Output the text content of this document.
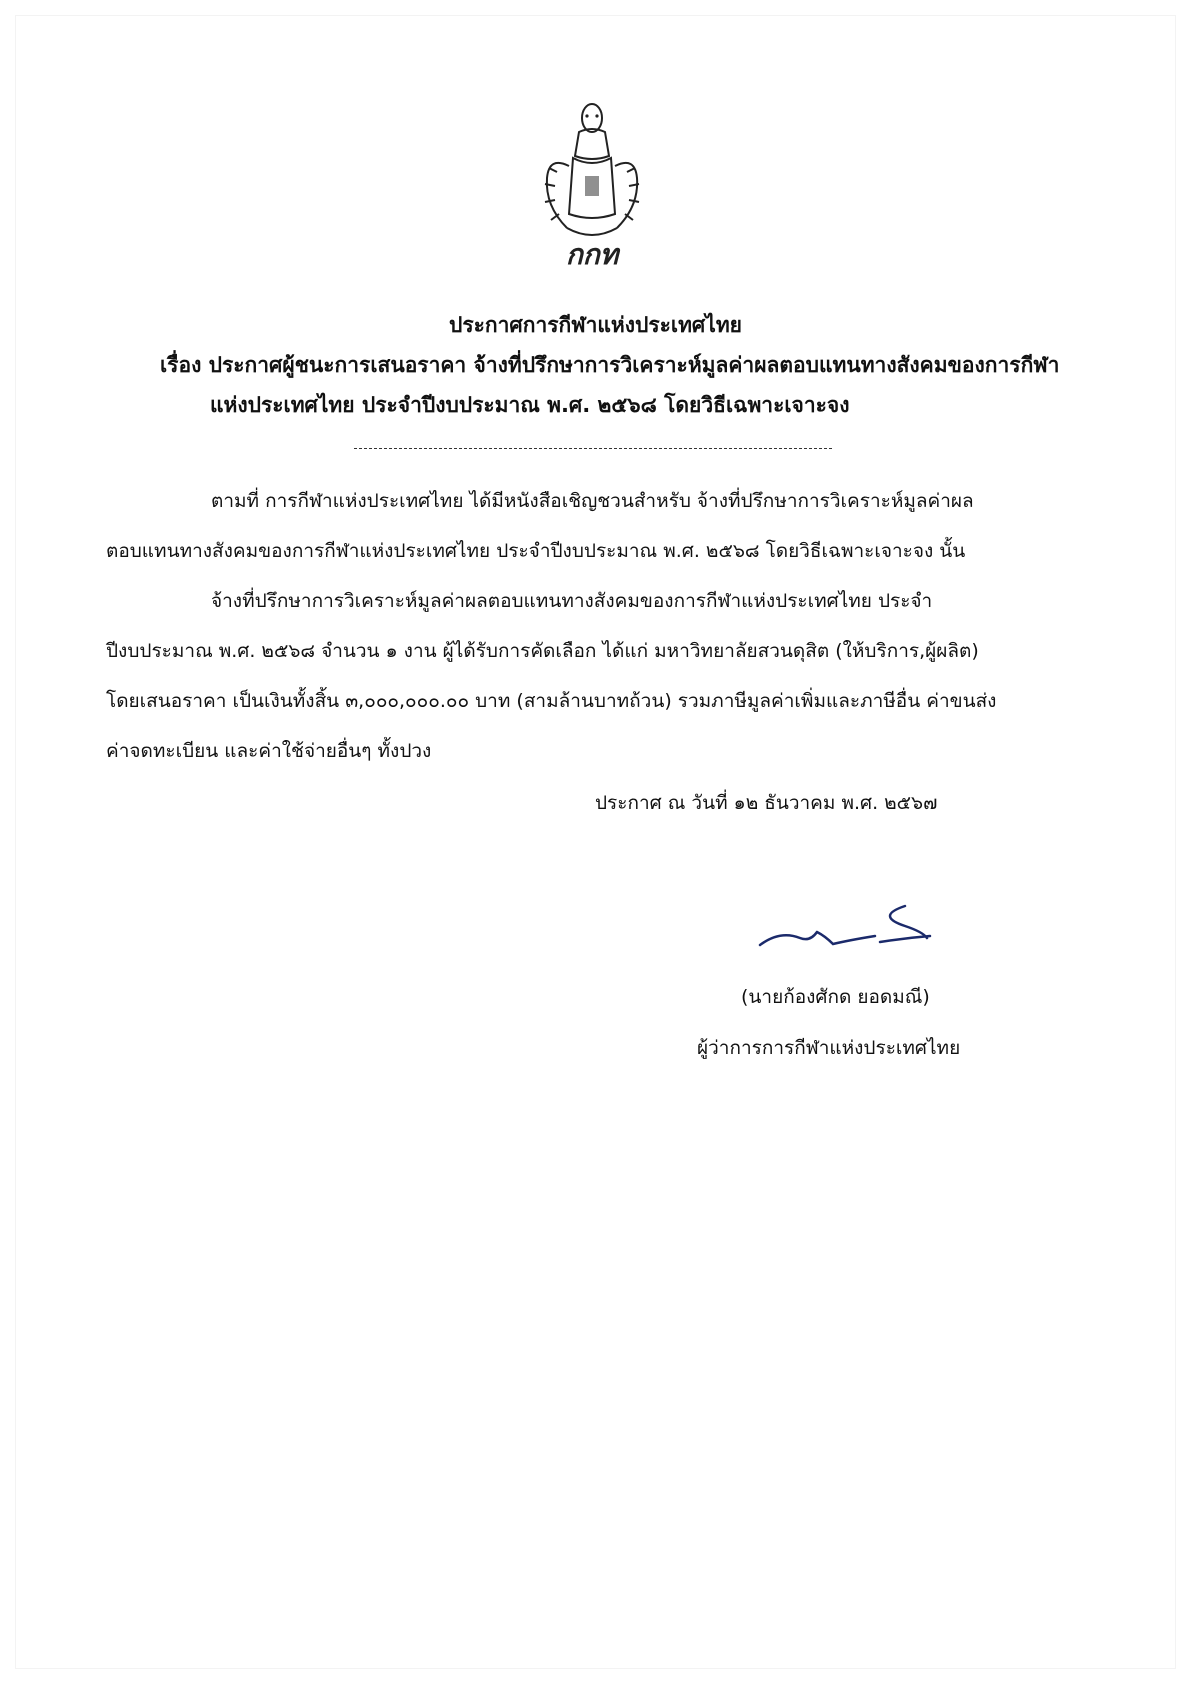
กกท
ประกาศการกีฬาแห่งประเทศไทย
เรื่อง ประกาศผู้ชนะการเสนอราคา จ้างที่ปรึกษาการวิเคราะห์มูลค่าผลตอบแทนทางสังคมของการกีฬา
แห่งประเทศไทย ประจำปีงบประมาณ พ.ศ. ๒๕๖๘ โดยวิธีเฉพาะเจาะจง
ตามที่ การกีฬาแห่งประเทศไทย ได้มีหนังสือเชิญชวนสำหรับ จ้างที่ปรึกษาการวิเคราะห์มูลค่าผล
ตอบแทนทางสังคมของการกีฬาแห่งประเทศไทย ประจำปีงบประมาณ พ.ศ. ๒๕๖๘ โดยวิธีเฉพาะเจาะจง นั้น
จ้างที่ปรึกษาการวิเคราะห์มูลค่าผลตอบแทนทางสังคมของการกีฬาแห่งประเทศไทย ประจำ
ปีงบประมาณ พ.ศ. ๒๕๖๘ จำนวน ๑ งาน ผู้ได้รับการคัดเลือก ได้แก่ มหาวิทยาลัยสวนดุสิต (ให้บริการ,ผู้ผลิต)
โดยเสนอราคา เป็นเงินทั้งสิ้น ๓,๐๐๐,๐๐๐.๐๐ บาท (สามล้านบาทถ้วน) รวมภาษีมูลค่าเพิ่มและภาษีอื่น ค่าขนส่ง
ค่าจดทะเบียน และค่าใช้จ่ายอื่นๆ ทั้งปวง
ประกาศ ณ วันที่ ๑๒ ธันวาคม พ.ศ. ๒๕๖๗
(นายก้องศักด ยอดมณี)
ผู้ว่าการการกีฬาแห่งประเทศไทย
